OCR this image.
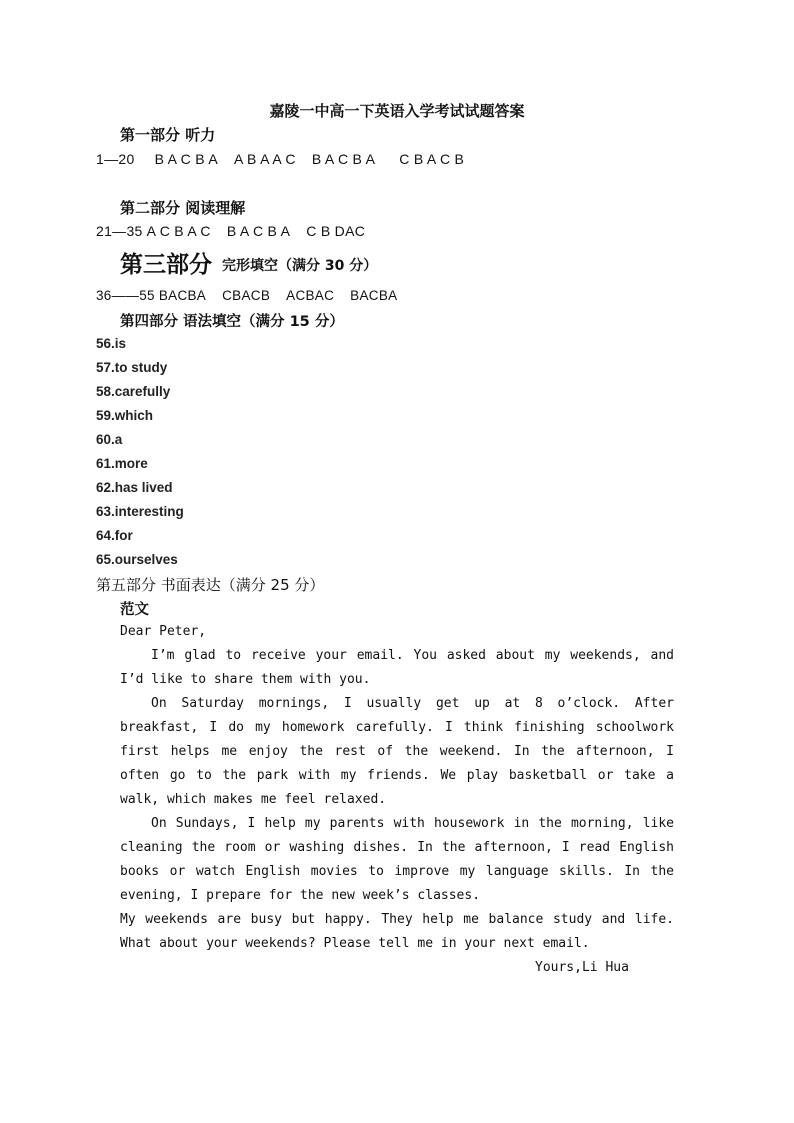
嘉陵一中高一下英语入学考试试题答案
第一部分 听力
1—20 B A C B A A B A A C B A C B A C B A C B
第二部分 阅读理解
21—35 A C B A C B A C B A C B DAC
第三部分 完形填空（满分 30 分）
36——55 BACBA CBACB ACBAC BACBA
第四部分 语法填空（满分 15 分）
56.is
57.to study
58.carefully
59.which
60.a
61.more
62.has lived
63.interesting
64.for
65.ourselves
第五部分 书面表达（满分 25 分）
范文
Dear Peter,
I’m glad to receive your email. You asked about my weekends, and I’d like to share them with you.
On Saturday mornings, I usually get up at 8 o’clock. After breakfast, I do my homework carefully. I think finishing schoolwork first helps me enjoy the rest of the weekend. In the afternoon, I often go to the park with my friends. We play basketball or take a walk, which makes me feel relaxed.
On Sundays, I help my parents with housework in the morning, like cleaning the room or washing dishes. In the afternoon, I read English books or watch English movies to improve my language skills. In the evening, I prepare for the new week’s classes.
My weekends are busy but happy. They help me balance study and life. What about your weekends? Please tell me in your next email.
Yours,Li Hua
